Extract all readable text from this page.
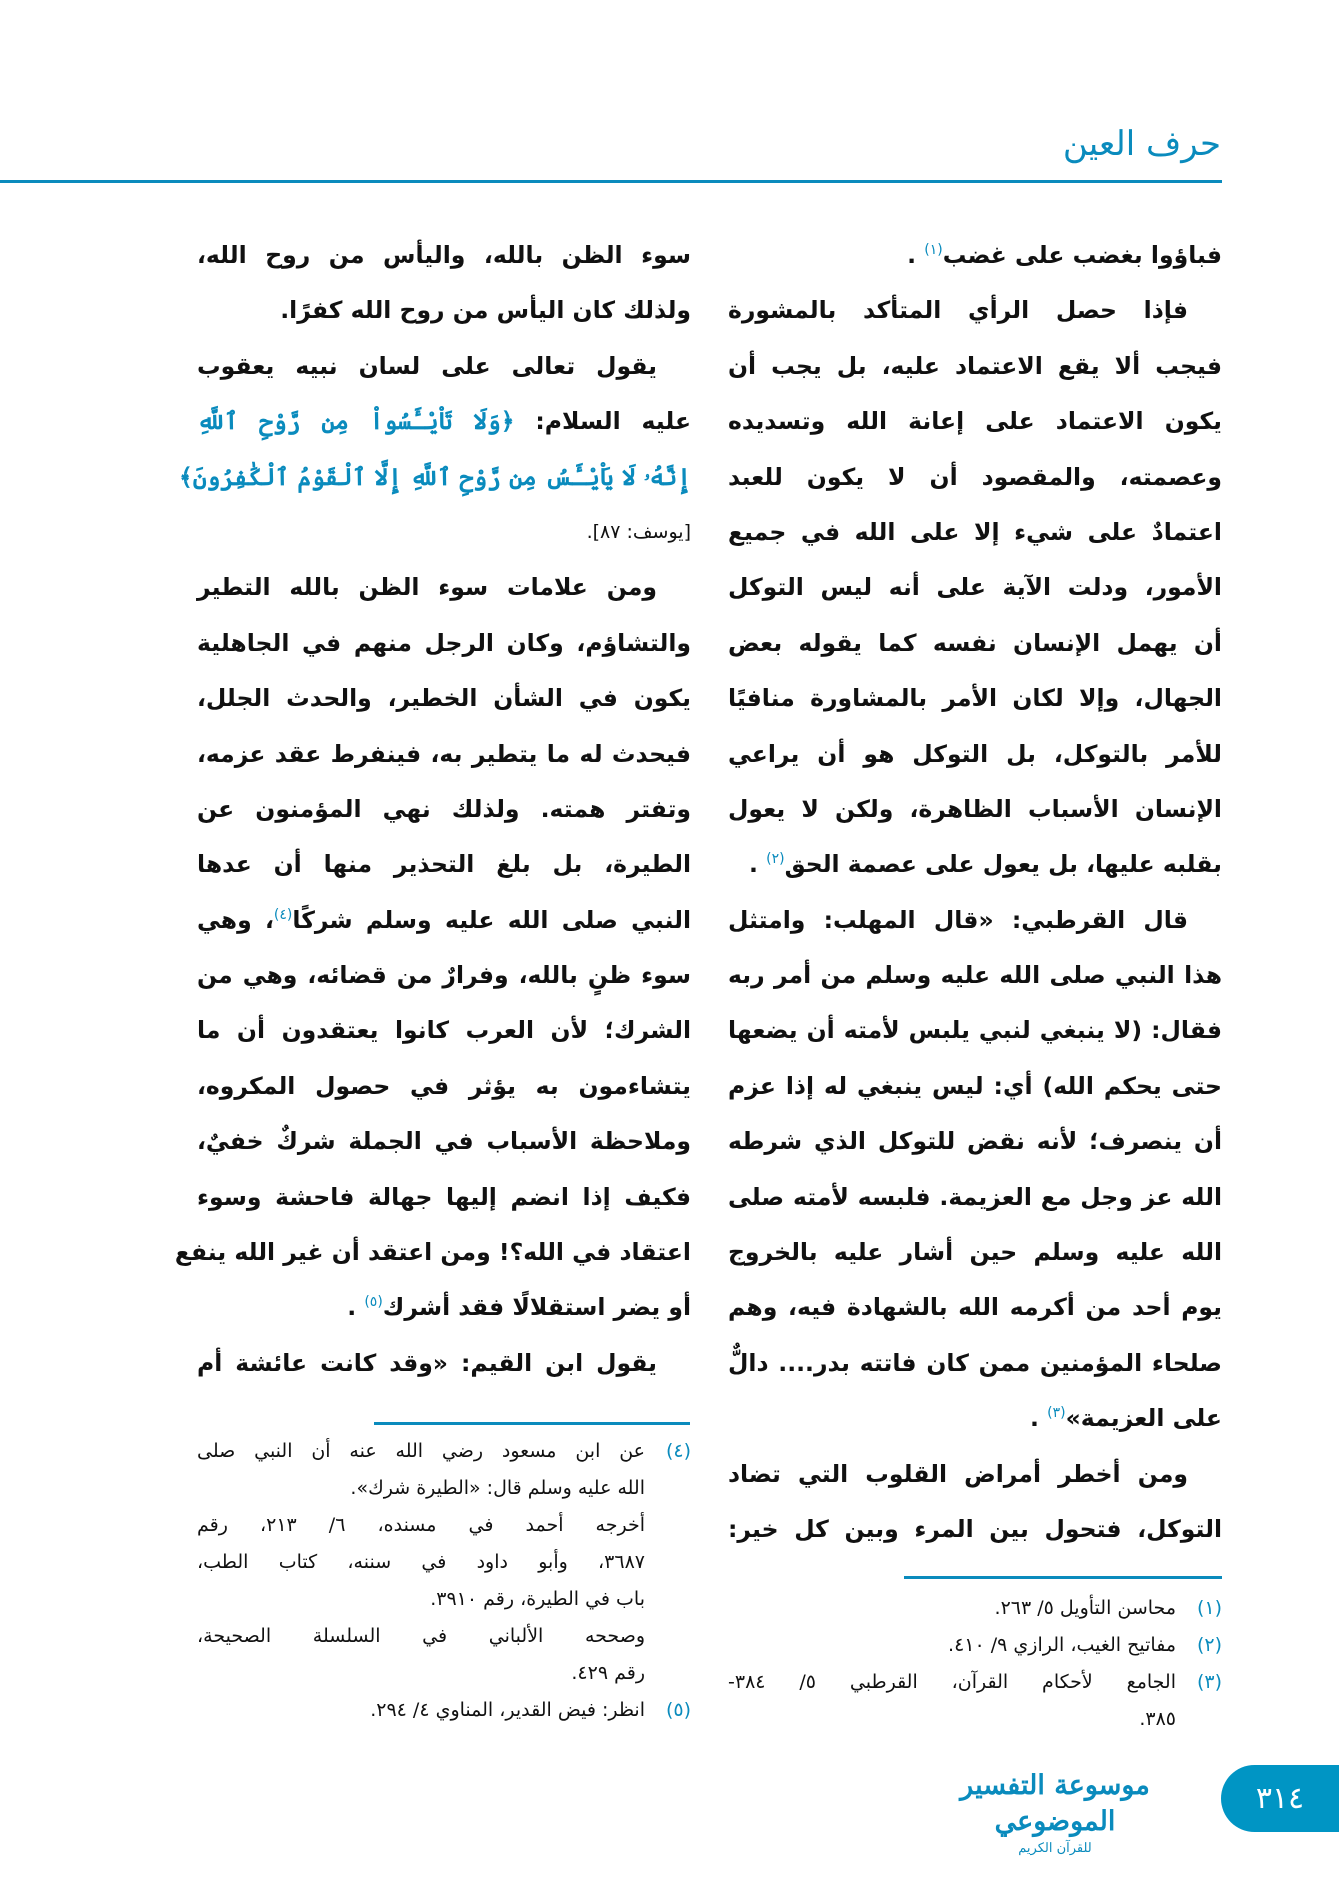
حرف العين
فباؤوا بغضب على غضب$^{(١)}$ .
فإذا حصل الرأي المتأكد بالمشورة
فيجب ألا يقع الاعتماد عليه، بل يجب أن
يكون الاعتماد على إعانة الله وتسديده
وعصمته، والمقصود أن لا يكون للعبد
اعتمادٌ على شيء إلا على الله في جميع
الأمور، ودلت الآية على أنه ليس التوكل
أن يهمل الإنسان نفسه كما يقوله بعض
الجهال، وإلا لكان الأمر بالمشاورة منافيًا
للأمر بالتوكل، بل التوكل هو أن يراعي
الإنسان الأسباب الظاهرة، ولكن لا يعول
بقلبه عليها، بل يعول على عصمة الحق$^{(٢)}$ .
قال القرطبي: «قال المهلب: وامتثل
هذا النبي صلى الله عليه وسلم من أمر ربه
فقال: (لا ينبغي لنبي يلبس لأمته أن يضعها
حتى يحكم الله) أي: ليس ينبغي له إذا عزم
أن ينصرف؛ لأنه نقض للتوكل الذي شرطه
الله عز وجل مع العزيمة. فلبسه لأمته صلى
الله عليه وسلم حين أشار عليه بالخروج
يوم أحد من أكرمه الله بالشهادة فيه، وهم
صلحاء المؤمنين ممن كان فاتته بدر.... دالٌّ
على العزيمة»$^{(٣)}$ .
ومن أخطر أمراض القلوب التي تضاد
التوكل، فتحول بين المرء وبين كل خير:
سوء الظن بالله، واليأس من روح الله،
ولذلك كان اليأس من روح الله كفرًا.
يقول تعالى على لسان نبيه يعقوب
عليه السلام: ﴿وَلَا تَاْيْـَٔسُواْ مِن رَّوْحِ ٱللَّهِ
إِنَّهُۥ لَا يَاْيْـَٔسُ مِن رَّوْحِ ٱللَّهِ إِلَّا ٱلْقَوْمُ ٱلْكَٰفِرُونَ﴾
[يوسف: ٨٧].
ومن علامات سوء الظن بالله التطير
والتشاؤم، وكان الرجل منهم في الجاهلية
يكون في الشأن الخطير، والحدث الجلل،
فيحدث له ما يتطير به، فينفرط عقد عزمه،
وتفتر همته. ولذلك نهي المؤمنون عن
الطيرة، بل بلغ التحذير منها أن عدها
النبي صلى الله عليه وسلم شركًا$^{(٤)}$، وهي
سوء ظنٍ بالله، وفرارٌ من قضائه، وهي من
الشرك؛ لأن العرب كانوا يعتقدون أن ما
يتشاءمون به يؤثر في حصول المكروه،
وملاحظة الأسباب في الجملة شركٌ خفيٌ،
فكيف إذا انضم إليها جهالة فاحشة وسوء
اعتقاد في الله؟! ومن اعتقد أن غير الله ينفع
أو يضر استقلالًا فقد أشرك$^{(٥)}$ .
يقول ابن القيم: «وقد كانت عائشة أم
(١)
محاسن التأويل ٥/ ٢٦٣.
(٢)
مفاتيح الغيب، الرازي ٩/ ٤١٠.
(٣)
الجامع لأحكام القرآن، القرطبي ٥/ ٣٨٤-
٣٨٥.
(٤)
عن ابن مسعود رضي الله عنه أن النبي صلى
الله عليه وسلم قال: «الطيرة شرك».
أخرجه أحمد في مسنده، ٦/ ٢١٣، رقم
٣٦٨٧، وأبو داود في سننه، كتاب الطب،
باب في الطيرة، رقم ٣٩١٠.
وصححه الألباني في السلسلة الصحيحة،
رقم ٤٢٩.
(٥)
انظر: فيض القدير، المناوي ٤/ ٢٩٤.
موسوعة التفسير الموضوعي
للقرآن الكريم
٣١٤
